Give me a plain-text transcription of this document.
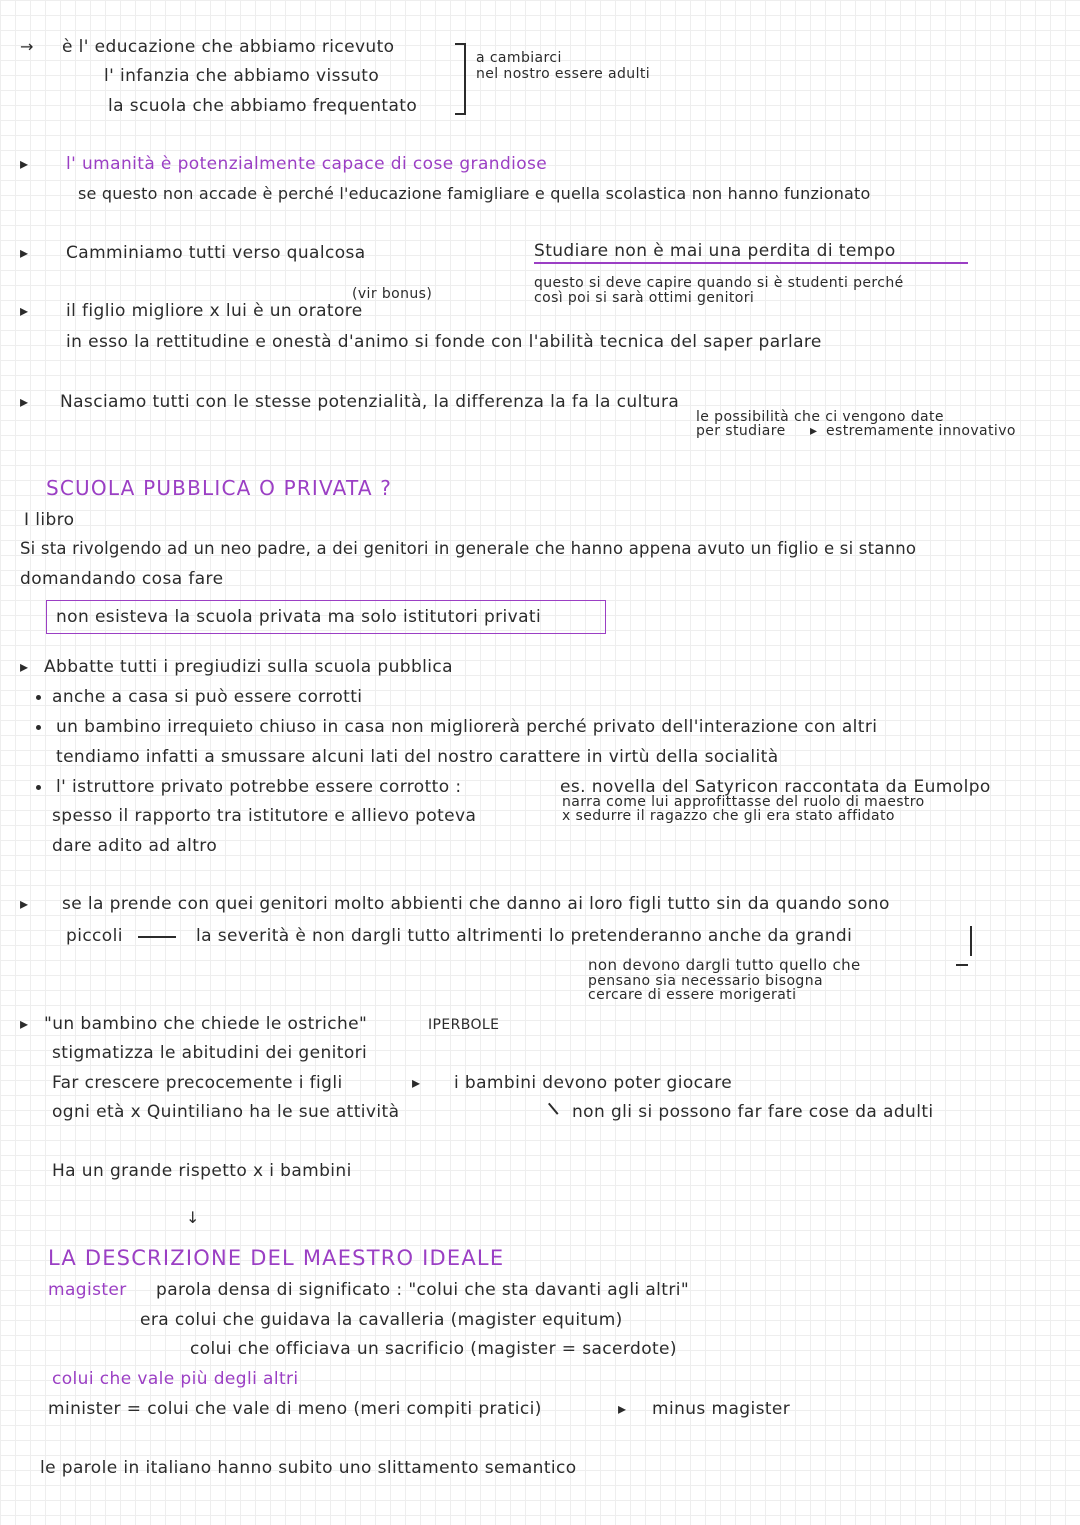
→ è l' educazione che abbiamo ricevuto
l' infanzia che abbiamo vissuto
la scuola che abbiamo frequentato
a cambiarci
nel nostro essere adulti
▸ l' umanità è potenzialmente capace di cose grandiose
se questo non accade è perché l'educazione famigliare e quella scolastica non hanno funzionato
▸ Camminiamo tutti verso qualcosa	Studiare non è mai una perdita di tempo
questo si deve capire quando si è studenti perché
così poi si sarà ottimi genitori
(vir bonus)
▸ il figlio migliore x lui è un oratore
in esso la rettitudine e onestà d'animo si fonde con l'abilità tecnica del saper parlare
▸ Nasciamo tutti con le stesse potenzialità, la differenza la fa la cultura
le possibilità che ci vengono date
per studiare ▸ estremamente innovativo
SCUOLA PUBBLICA O PRIVATA ?
I libro
Si sta rivolgendo ad un neo padre, a dei genitori in generale che hanno appena avuto un figlio e si stanno
domandando cosa fare
non esisteva la scuola privata ma solo istitutori privati
▸ Abbatte tutti i pregiudizi sulla scuola pubblica
anche a casa si può essere corrotti
un bambino irrequieto chiuso in casa non migliorerà perché privato dell'interazione con altri
tendiamo infatti a smussare alcuni lati del nostro carattere in virtù della socialità
l' istruttore privato potrebbe essere corrotto :
spesso il rapporto tra istitutore e allievo poteva
dare adito ad altro
es. novella del Satyricon raccontata da Eumolpo
narra come lui approfittasse del ruolo di maestro
x sedurre il ragazzo che gli era stato affidato
▸ se la prende con quei genitori molto abbienti che danno ai loro figli tutto sin da quando sono
piccoli	la severità è non dargli tutto altrimenti lo pretenderanno anche da grandi
non devono dargli tutto quello che
pensano sia necessario bisogna
cercare di essere morigerati
▸ "un bambino che chiede le ostriche"	IPERBOLE
stigmatizza le abitudini dei genitori
Far crescere precocemente i figli	▸ i bambini devono poter giocare
ogni età x Quintiliano ha le sue attività	non gli si possono far fare cose da adulti
Ha un grande rispetto x i bambini
↓
LA DESCRIZIONE DEL MAESTRO IDEALE
magister parola densa di significato : "colui che sta davanti agli altri"
era colui che guidava la cavalleria (magister equitum)
colui che officiava un sacrificio (magister = sacerdote)
colui che vale più degli altri
minister = colui che vale di meno (meri compiti pratici)	▸ minus magister
le parole in italiano hanno subito uno slittamento semantico
